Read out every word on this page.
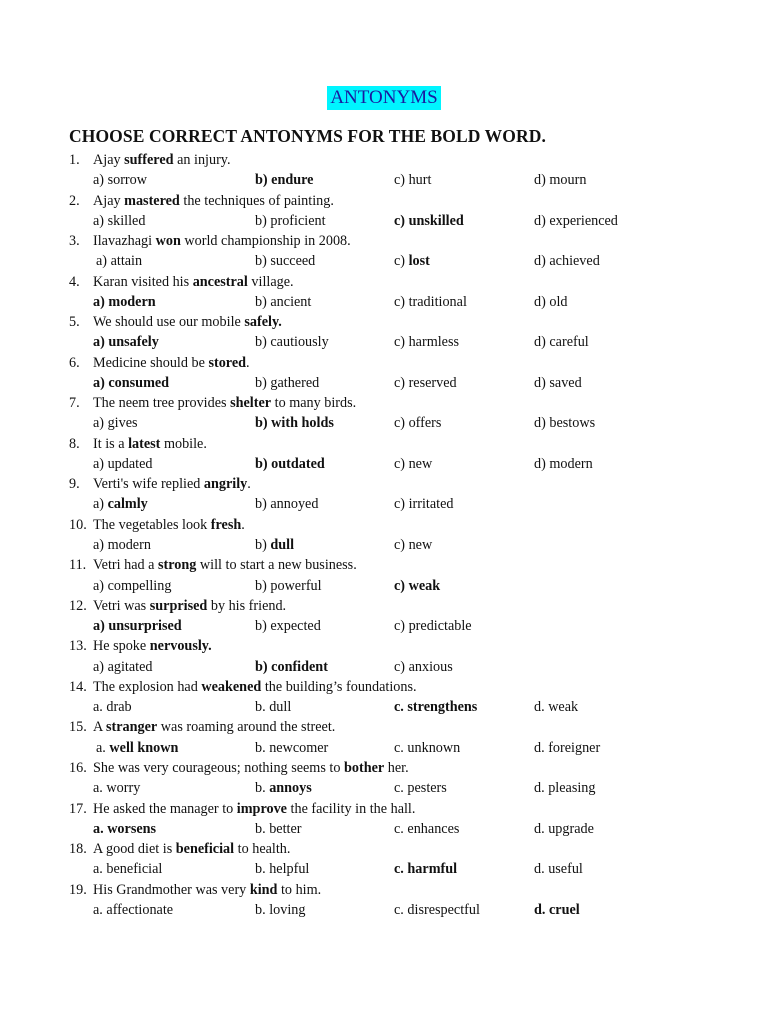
ANTONYMS
CHOOSE CORRECT ANTONYMS FOR THE BOLD WORD.
1. Ajay suffered an injury.
a) sorrow	b) endure	c) hurt	d) mourn
2. Ajay mastered the techniques of painting.
a) skilled	b) proficient	c) unskilled	d) experienced
3. Ilavazhagi won world championship in 2008.
a) attain	b) succeed	c) lost	d) achieved
4. Karan visited his ancestral village.
a) modern	b) ancient	c) traditional	d) old
5. We should use our mobile safely.
a) unsafely	b) cautiously	c) harmless	d) careful
6. Medicine should be stored.
a) consumed	b) gathered	c) reserved	d) saved
7. The neem tree provides shelter to many birds.
a) gives	b) with holds	c) offers	d) bestows
8. It is a latest mobile.
a) updated	b) outdated	c) new	d) modern
9. Verti's wife replied angrily.
a) calmly	b) annoyed	c) irritated
10. The vegetables look fresh.
a) modern	b) dull	c) new
11. Vetri had a strong will to start a new business.
a) compelling	b) powerful	c) weak
12. Vetri was surprised by his friend.
a) unsurprised	b) expected	c) predictable
13. He spoke nervously.
a) agitated	b) confident	c) anxious
14. The explosion had weakened the building’s foundations.
a. drab	b. dull	c. strengthens	d. weak
15. A stranger was roaming around the street.
a. well known	b. newcomer	c. unknown	d. foreigner
16. She was very courageous; nothing seems to bother her.
a. worry	b. annoys	c. pesters	d. pleasing
17. He asked the manager to improve the facility in the hall.
a. worsens	b. better	c. enhances	d. upgrade
18. A good diet is beneficial to health.
a. beneficial	b. helpful	c. harmful	d. useful
19. His Grandmother was very kind to him.
a. affectionate	b. loving	c. disrespectful	d. cruel
